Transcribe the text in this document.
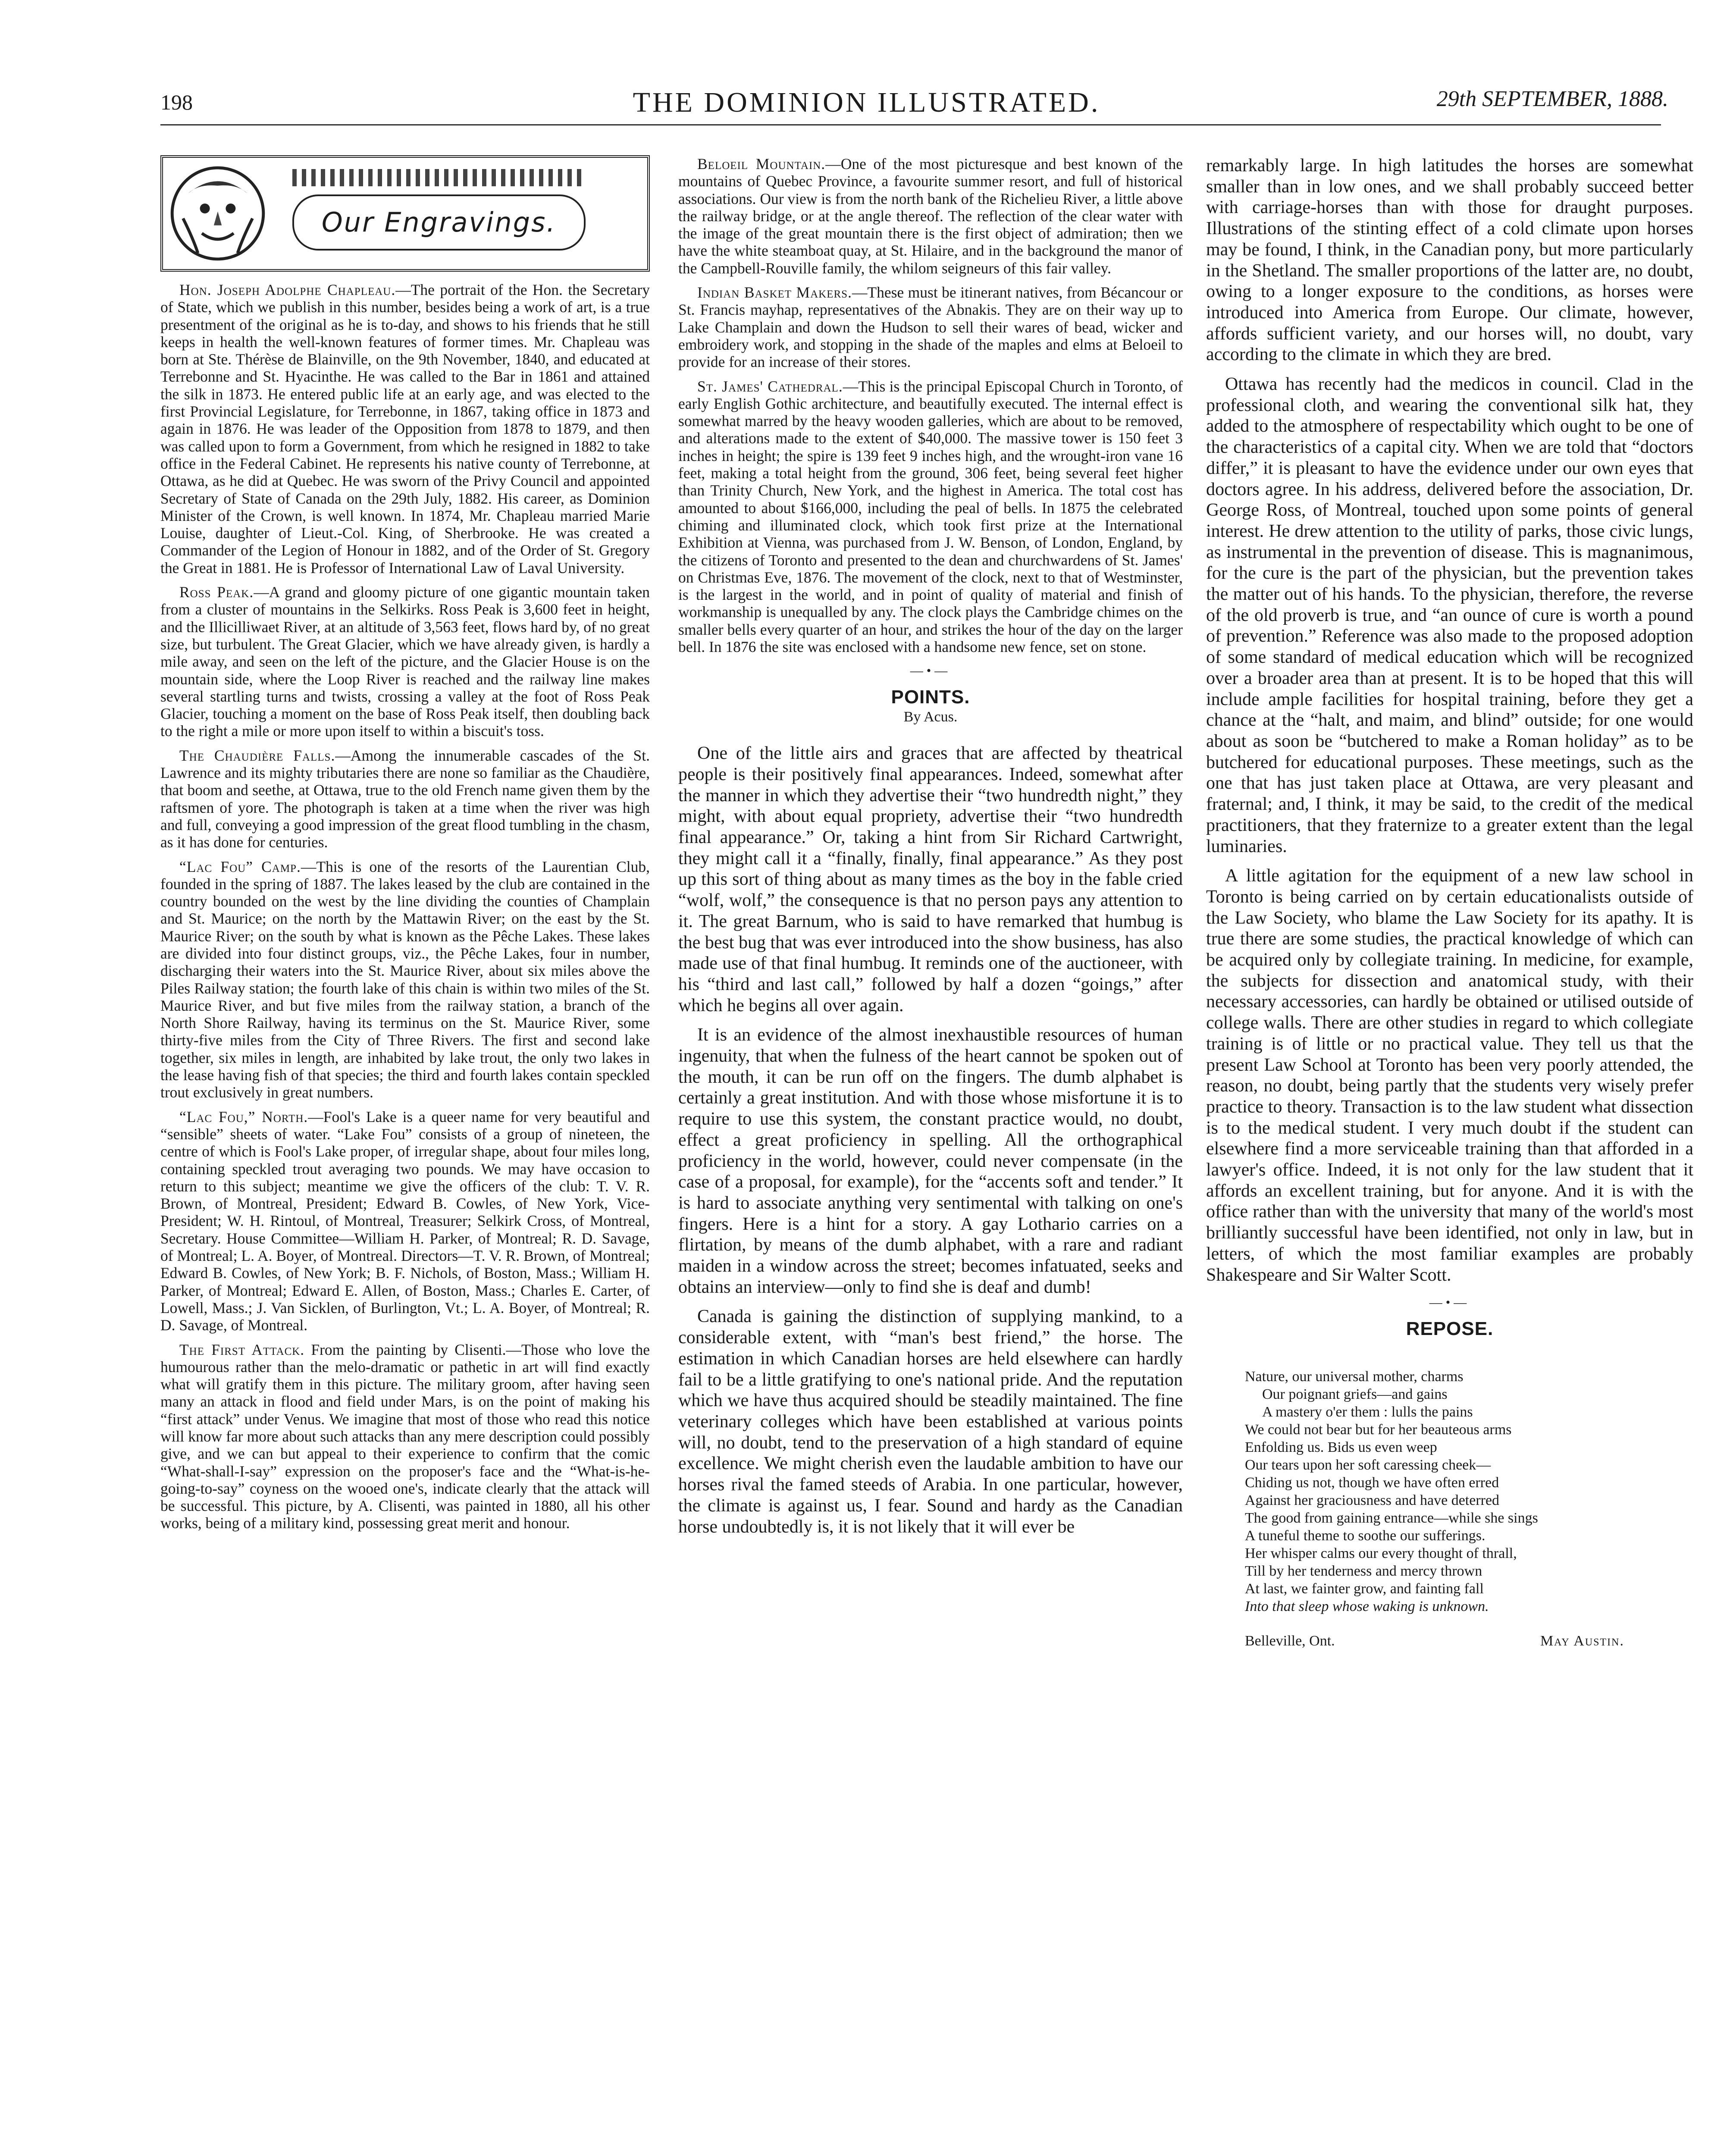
198	THE DOMINION ILLUSTRATED.	29th SEPTEMBER, 1888.
Our Engravings.

Hon. Joseph Adolphe Chapleau.—The portrait of the Hon. the Secretary of State, which we publish in this number, besides being a work of art, is a true presentment of the original as he is to-day, and shows to his friends that he still keeps in health the well-known features of former times. Mr. Chapleau was born at Ste. Thérèse de Blainville, on the 9th November, 1840, and educated at Terrebonne and St. Hyacinthe. He was called to the Bar in 1861 and attained the silk in 1873. He entered public life at an early age, and was elected to the first Provincial Legislature, for Terrebonne, in 1867, taking office in 1873 and again in 1876. He was leader of the Opposition from 1878 to 1879, and then was called upon to form a Government, from which he resigned in 1882 to take office in the Federal Cabinet. He represents his native county of Terrebonne, at Ottawa, as he did at Quebec. He was sworn of the Privy Council and appointed Secretary of State of Canada on the 29th July, 1882. His career, as Dominion Minister of the Crown, is well known. In 1874, Mr. Chapleau married Marie Louise, daughter of Lieut.-Col. King, of Sherbrooke. He was created a Commander of the Legion of Honour in 1882, and of the Order of St. Gregory the Great in 1881. He is Professor of International Law of Laval University.

Ross Peak.—A grand and gloomy picture of one gigantic mountain taken from a cluster of mountains in the Selkirks. Ross Peak is 3,600 feet in height, and the Illicilliwaet River, at an altitude of 3,563 feet, flows hard by, of no great size, but turbulent. The Great Glacier, which we have already given, is hardly a mile away, and seen on the left of the picture, and the Glacier House is on the mountain side, where the Loop River is reached and the railway line makes several startling turns and twists, crossing a valley at the foot of Ross Peak Glacier, touching a moment on the base of Ross Peak itself, then doubling back to the right a mile or more upon itself to within a biscuit's toss.

The Chaudière Falls.—Among the innumerable cascades of the St. Lawrence and its mighty tributaries there are none so familiar as the Chaudière, that boom and seethe, at Ottawa, true to the old French name given them by the raftsmen of yore. The photograph is taken at a time when the river was high and full, conveying a good impression of the great flood tumbling in the chasm, as it has done for centuries.

“Lac Fou” Camp.—This is one of the resorts of the Laurentian Club, founded in the spring of 1887. The lakes leased by the club are contained in the country bounded on the west by the line dividing the counties of Champlain and St. Maurice; on the north by the Mattawin River; on the east by the St. Maurice River; on the south by what is known as the Pêche Lakes. These lakes are divided into four distinct groups, viz., the Pêche Lakes, four in number, discharging their waters into the St. Maurice River, about six miles above the Piles Railway station; the fourth lake of this chain is within two miles of the St. Maurice River, and but five miles from the railway station, a branch of the North Shore Railway, having its terminus on the St. Maurice River, some thirty-five miles from the City of Three Rivers. The first and second lake together, six miles in length, are inhabited by lake trout, the only two lakes in the lease having fish of that species; the third and fourth lakes contain speckled trout exclusively in great numbers.

“Lac Fou,” North.—Fool's Lake is a queer name for very beautiful and “sensible” sheets of water. “Lake Fou” consists of a group of nineteen, the centre of which is Fool's Lake proper, of irregular shape, about four miles long, containing speckled trout averaging two pounds. We may have occasion to return to this subject; meantime we give the officers of the club: T. V. R. Brown, of Montreal, President; Edward B. Cowles, of New York, Vice-President; W. H. Rintoul, of Montreal, Treasurer; Selkirk Cross, of Montreal, Secretary. House Committee—William H. Parker, of Montreal; R. D. Savage, of Montreal; L. A. Boyer, of Montreal. Directors—T. V. R. Brown, of Montreal; Edward B. Cowles, of New York; B. F. Nichols, of Boston, Mass.; William H. Parker, of Montreal; Edward E. Allen, of Boston, Mass.; Charles E. Carter, of Lowell, Mass.; J. Van Sicklen, of Burlington, Vt.; L. A. Boyer, of Montreal; R. D. Savage, of Montreal.

The First Attack. From the painting by Clisenti.—Those who love the humourous rather than the melo-dramatic or pathetic in art will find exactly what will gratify them in this picture. The military groom, after having seen many an attack in flood and field under Mars, is on the point of making his “first attack” under Venus. We imagine that most of those who read this notice will know far more about such attacks than any mere description could possibly give, and we can but appeal to their experience to confirm that the comic “What-shall-I-say” expression on the proposer's face and the “What-is-he-going-to-say” coyness on the wooed one's, indicate clearly that the attack will be successful. This picture, by A. Clisenti, was painted in 1880, all his other works, being of a military kind, possessing great merit and honour.

Beloeil Mountain.—One of the most picturesque and best known of the mountains of Quebec Province, a favourite summer resort, and full of historical associations. Our view is from the north bank of the Richelieu River, a little above the railway bridge, or at the angle thereof. The reflection of the clear water with the image of the great mountain there is the first object of admiration; then we have the white steamboat quay, at St. Hilaire, and in the background the manor of the Campbell-Rouville family, the whilom seigneurs of this fair valley.

Indian Basket Makers.—These must be itinerant natives, from Bécancour or St. Francis mayhap, representatives of the Abnakis. They are on their way up to Lake Champlain and down the Hudson to sell their wares of bead, wicker and embroidery work, and stopping in the shade of the maples and elms at Beloeil to provide for an increase of their stores.

St. James' Cathedral.—This is the principal Episcopal Church in Toronto, of early English Gothic architecture, and beautifully executed. The internal effect is somewhat marred by the heavy wooden galleries, which are about to be removed, and alterations made to the extent of $40,000. The massive tower is 150 feet 3 inches in height; the spire is 139 feet 9 inches high, and the wrought-iron vane 16 feet, making a total height from the ground, 306 feet, being several feet higher than Trinity Church, New York, and the highest in America. The total cost has amounted to about $166,000, including the peal of bells. In 1875 the celebrated chiming and illuminated clock, which took first prize at the International Exhibition at Vienna, was purchased from J. W. Benson, of London, England, by the citizens of Toronto and presented to the dean and churchwardens of St. James' on Christmas Eve, 1876. The movement of the clock, next to that of Westminster, is the largest in the world, and in point of quality of material and finish of workmanship is unequalled by any. The clock plays the Cambridge chimes on the smaller bells every quarter of an hour, and strikes the hour of the day on the larger bell. In 1876 the site was enclosed with a handsome new fence, set on stone.

—•—
POINTS.
By Acus.

One of the little airs and graces that are affected by theatrical people is their positively final appearances. Indeed, somewhat after the manner in which they advertise their “two hundredth night,” they might, with about equal propriety, advertise their “two hundredth final appearance.” Or, taking a hint from Sir Richard Cartwright, they might call it a “finally, finally, final appearance.” As they post up this sort of thing about as many times as the boy in the fable cried “wolf, wolf,” the consequence is that no person pays any attention to it. The great Barnum, who is said to have remarked that humbug is the best bug that was ever introduced into the show business, has also made use of that final humbug. It reminds one of the auctioneer, with his “third and last call,” followed by half a dozen “goings,” after which he begins all over again.

It is an evidence of the almost inexhaustible resources of human ingenuity, that when the fulness of the heart cannot be spoken out of the mouth, it can be run off on the fingers. The dumb alphabet is certainly a great institution. And with those whose misfortune it is to require to use this system, the constant practice would, no doubt, effect a great proficiency in spelling. All the orthographical proficiency in the world, however, could never compensate (in the case of a proposal, for example), for the “accents soft and tender.” It is hard to associate anything very sentimental with talking on one's fingers. Here is a hint for a story. A gay Lothario carries on a flirtation, by means of the dumb alphabet, with a rare and radiant maiden in a window across the street; becomes infatuated, seeks and obtains an interview—only to find she is deaf and dumb!

Canada is gaining the distinction of supplying mankind, to a considerable extent, with “man's best friend,” the horse. The estimation in which Canadian horses are held elsewhere can hardly fail to be a little gratifying to one's national pride. And the reputation which we have thus acquired should be steadily maintained. The fine veterinary colleges which have been established at various points will, no doubt, tend to the preservation of a high standard of equine excellence. We might cherish even the laudable ambition to have our horses rival the famed steeds of Arabia. In one particular, however, the climate is against us, I fear. Sound and hardy as the Canadian horse undoubtedly is, it is not likely that it will ever be

remarkably large. In high latitudes the horses are somewhat smaller than in low ones, and we shall probably succeed better with carriage-horses than with those for draught purposes. Illustrations of the stinting effect of a cold climate upon horses may be found, I think, in the Canadian pony, but more particularly in the Shetland. The smaller proportions of the latter are, no doubt, owing to a longer exposure to the conditions, as horses were introduced into America from Europe. Our climate, however, affords sufficient variety, and our horses will, no doubt, vary according to the climate in which they are bred.

Ottawa has recently had the medicos in council. Clad in the professional cloth, and wearing the conventional silk hat, they added to the atmosphere of respectability which ought to be one of the characteristics of a capital city. When we are told that “doctors differ,” it is pleasant to have the evidence under our own eyes that doctors agree. In his address, delivered before the association, Dr. George Ross, of Montreal, touched upon some points of general interest. He drew attention to the utility of parks, those civic lungs, as instrumental in the prevention of disease. This is magnanimous, for the cure is the part of the physician, but the prevention takes the matter out of his hands. To the physician, therefore, the reverse of the old proverb is true, and “an ounce of cure is worth a pound of prevention.” Reference was also made to the proposed adoption of some standard of medical education which will be recognized over a broader area than at present. It is to be hoped that this will include ample facilities for hospital training, before they get a chance at the “halt, and maim, and blind” outside; for one would about as soon be “butchered to make a Roman holiday” as to be butchered for educational purposes. These meetings, such as the one that has just taken place at Ottawa, are very pleasant and fraternal; and, I think, it may be said, to the credit of the medical practitioners, that they fraternize to a greater extent than the legal luminaries.

A little agitation for the equipment of a new law school in Toronto is being carried on by certain educationalists outside of the Law Society, who blame the Law Society for its apathy. It is true there are some studies, the practical knowledge of which can be acquired only by collegiate training. In medicine, for example, the subjects for dissection and anatomical study, with their necessary accessories, can hardly be obtained or utilised outside of college walls. There are other studies in regard to which collegiate training is of little or no practical value. They tell us that the present Law School at Toronto has been very poorly attended, the reason, no doubt, being partly that the students very wisely prefer practice to theory. Transaction is to the law student what dissection is to the medical student. I very much doubt if the student can elsewhere find a more serviceable training than that afforded in a lawyer's office. Indeed, it is not only for the law student that it affords an excellent training, but for anyone. And it is with the office rather than with the university that many of the world's most brilliantly successful have been identified, not only in law, but in letters, of which the most familiar examples are probably Shakespeare and Sir Walter Scott.

—•—
REPOSE.
Nature, our universal mother, charms
Our poignant griefs—and gains
A mastery o'er them : lulls the pains
We could not bear but for her beauteous arms
Enfolding us. Bids us even weep
Our tears upon her soft caressing cheek—
Chiding us not, though we have often erred
Against her graciousness and have deterred
The good from gaining entrance—while she sings
A tuneful theme to soothe our sufferings.
Her whisper calms our every thought of thrall,
Till by her tenderness and mercy thrown
At last, we fainter grow, and fainting fall
Into that sleep whose waking is unknown.
Belleville, Ont.	May Austin.
